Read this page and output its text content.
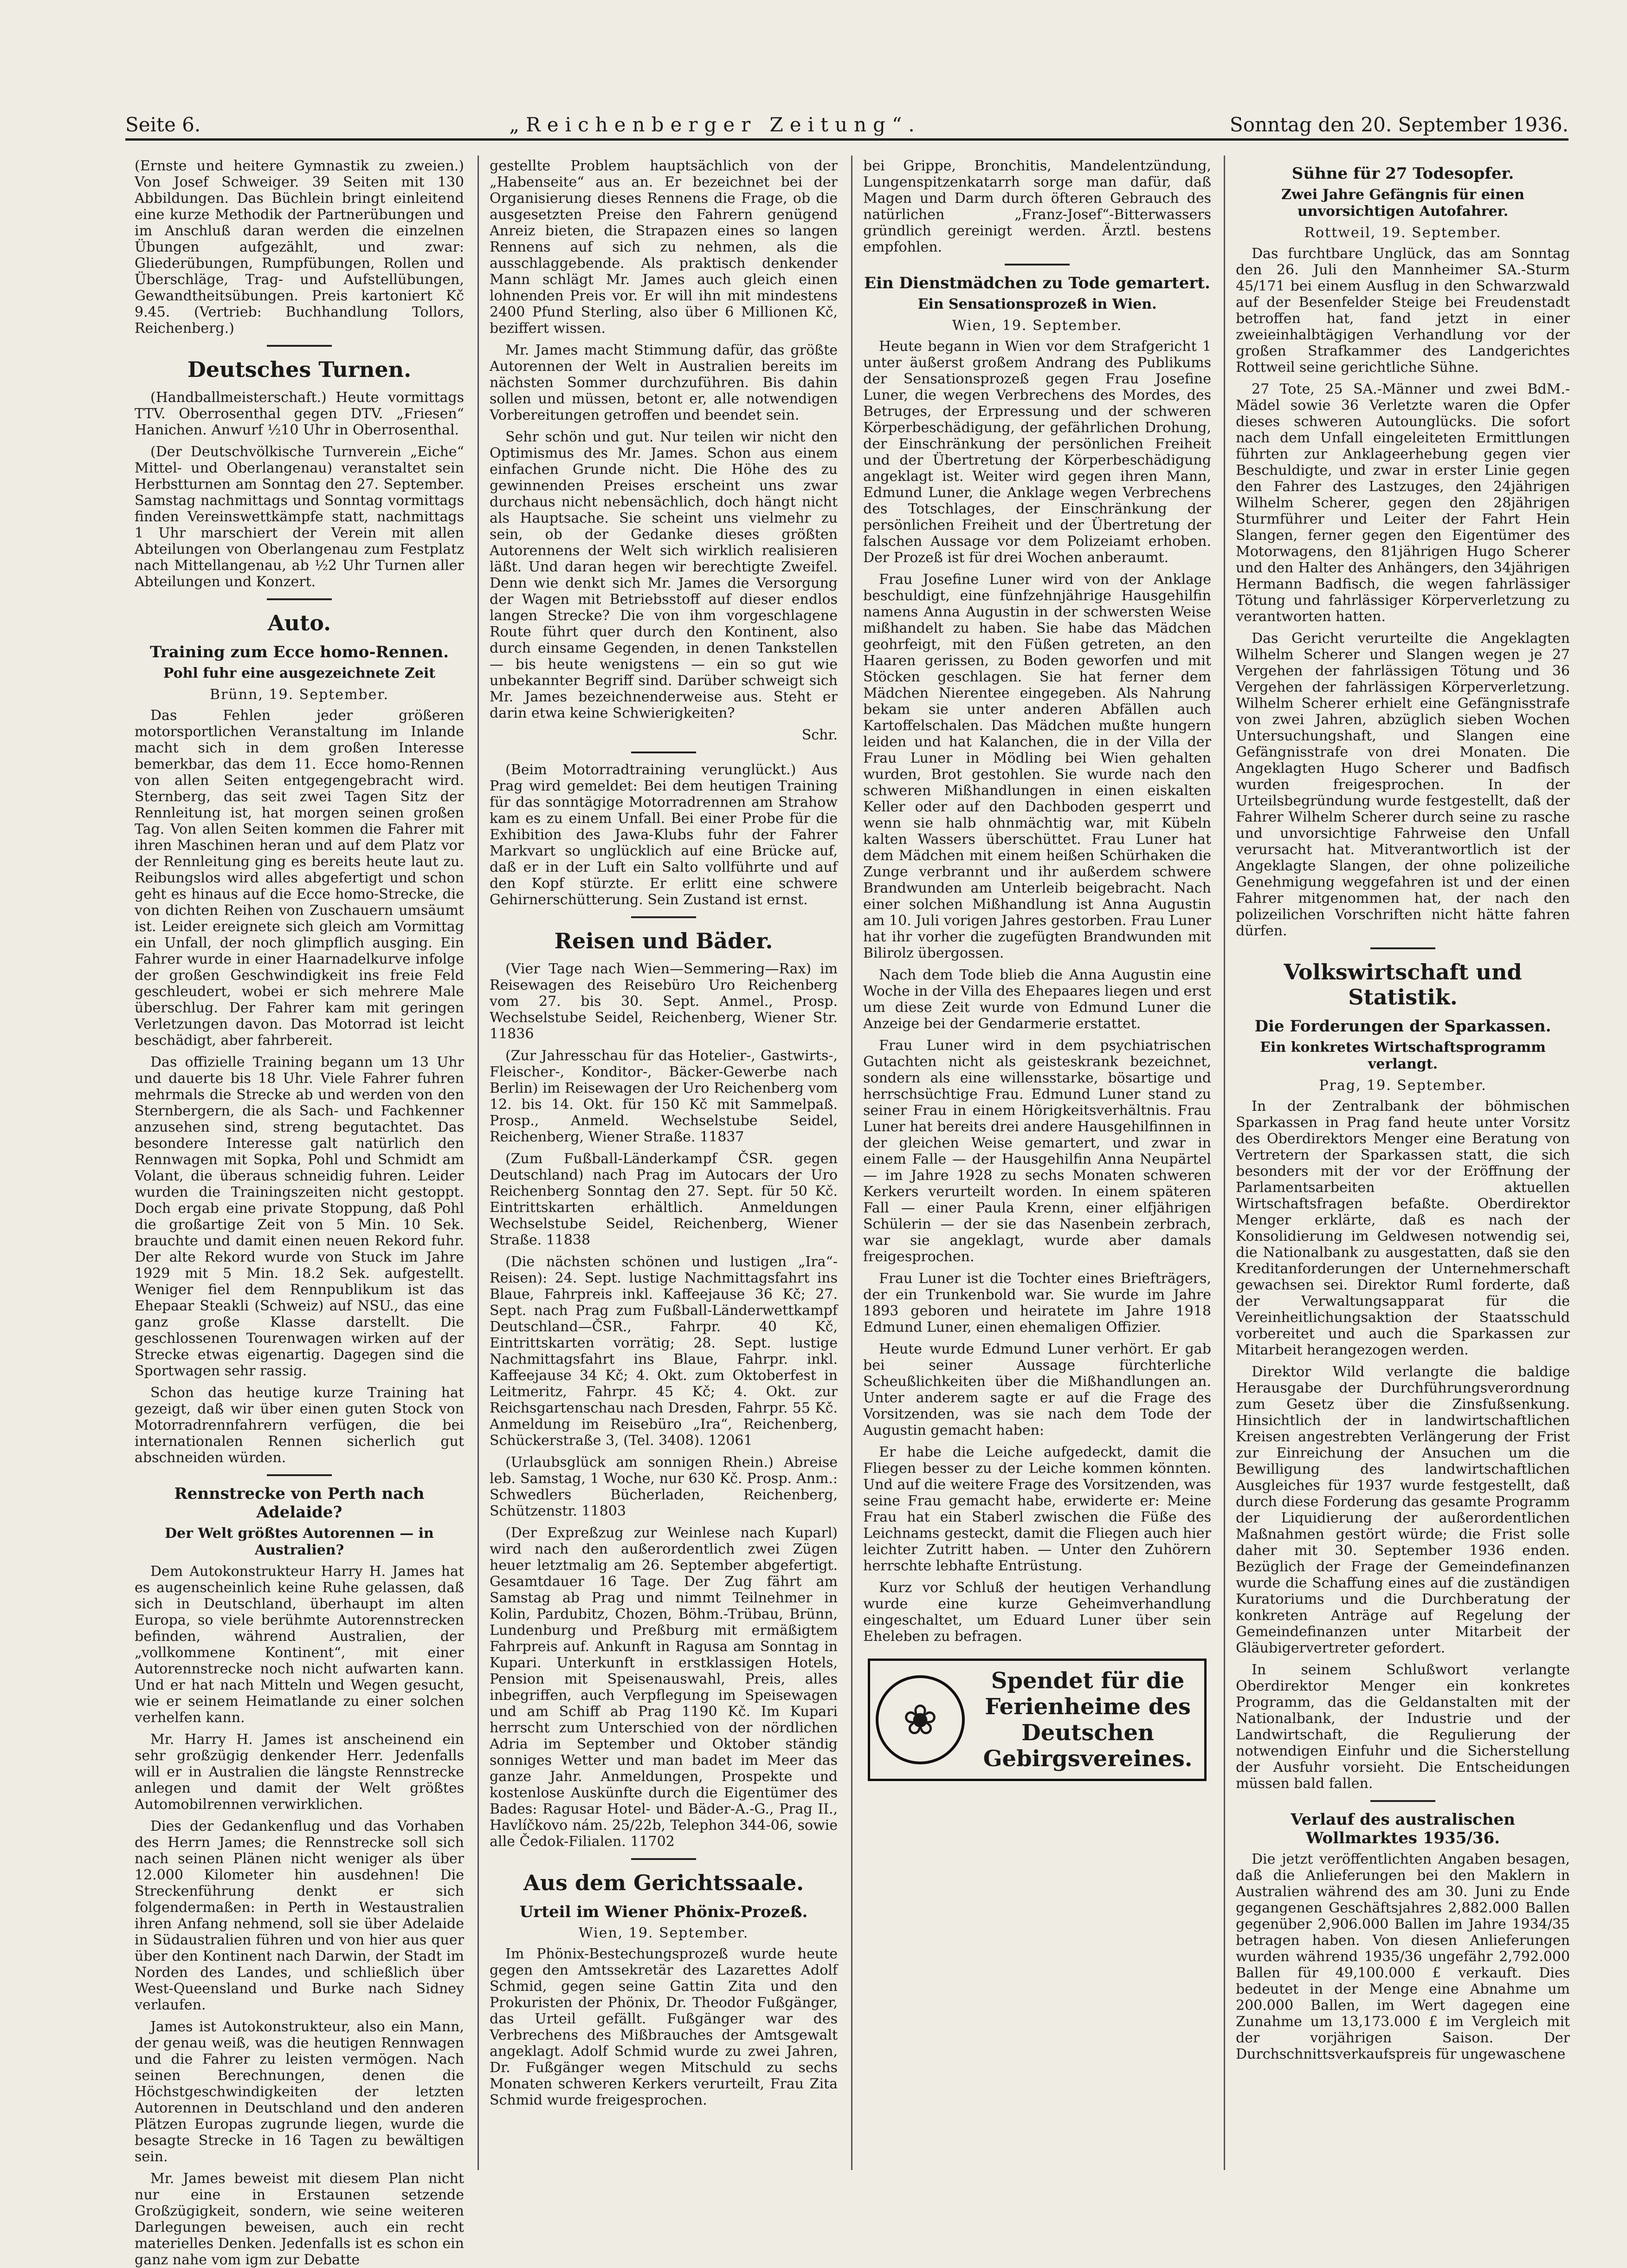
Seite 6.	„Reichenberger Zeitung“.	Sonntag den 20. September 1936.

(Ernste und heitere Gymnastik zu zweien.) Von Josef Schweiger. 39 Seiten mit 130 Abbildungen. Das Büchlein bringt einleitend eine kurze Methodik der Partnerübungen und im Anschluß daran werden die einzelnen Übungen aufgezählt, und zwar: Gliederübungen, Rumpfübungen, Rollen und Überschläge, Trag- und Aufstellübungen, Gewandtheitsübungen. Preis kartoniert Kč 9.45. (Vertrieb: Buchhandlung Tollors, Reichenberg.)

Deutsches Turnen.

(Handballmeisterschaft.) Heute vormittags TTV. Oberrosenthal gegen DTV. „Friesen“ Hanichen. Anwurf ½10 Uhr in Oberrosenthal.

(Der Deutschvölkische Turnverein „Eiche“ Mittel- und Oberlangenau) veranstaltet sein Herbstturnen am Sonntag den 27. September. Samstag nachmittags und Sonntag vormittags finden Vereinswettkämpfe statt, nachmittags 1 Uhr marschiert der Verein mit allen Abteilungen von Oberlangenau zum Festplatz nach Mittellangenau, ab ½2 Uhr Turnen aller Abteilungen und Konzert.

Auto.
Training zum Ecce homo-Rennen.
Pohl fuhr eine ausgezeichnete Zeit
Brünn, 19. September.

Das Fehlen jeder größeren motorsportlichen Veranstaltung im Inlande macht sich in dem großen Interesse bemerkbar, das dem 11. Ecce homo-Rennen von allen Seiten entgegengebracht wird. Sternberg, das seit zwei Tagen Sitz der Rennleitung ist, hat morgen seinen großen Tag. Von allen Seiten kommen die Fahrer mit ihren Maschinen heran und auf dem Platz vor der Rennleitung ging es bereits heute laut zu. Reibungslos wird alles abgefertigt und schon geht es hinaus auf die Ecce homo-Strecke, die von dichten Reihen von Zuschauern umsäumt ist. Leider ereignete sich gleich am Vormittag ein Unfall, der noch glimpflich ausging. Ein Fahrer wurde in einer Haarnadelkurve infolge der großen Geschwindigkeit ins freie Feld geschleudert, wobei er sich mehrere Male überschlug. Der Fahrer kam mit geringen Verletzungen davon. Das Motorrad ist leicht beschädigt, aber fahrbereit.

Das offizielle Training begann um 13 Uhr und dauerte bis 18 Uhr. Viele Fahrer fuhren mehrmals die Strecke ab und werden von den Sternbergern, die als Sach- und Fachkenner anzusehen sind, streng begutachtet. Das besondere Interesse galt natürlich den Rennwagen mit Sopka, Pohl und Schmidt am Volant, die überaus schneidig fuhren. Leider wurden die Trainingszeiten nicht gestoppt. Doch ergab eine private Stoppung, daß Pohl die großartige Zeit von 5 Min. 10 Sek. brauchte und damit einen neuen Rekord fuhr. Der alte Rekord wurde von Stuck im Jahre 1929 mit 5 Min. 18.2 Sek. aufgestellt. Weniger fiel dem Rennpublikum ist das Ehepaar Steakli (Schweiz) auf NSU., das eine ganz große Klasse darstellt. Die geschlossenen Tourenwagen wirken auf der Strecke etwas eigenartig. Dagegen sind die Sportwagen sehr rassig.

Schon das heutige kurze Training hat gezeigt, daß wir über einen guten Stock von Motorradrennfahrern verfügen, die bei internationalen Rennen sicherlich gut abschneiden würden.

Rennstrecke von Perth nach Adelaide?
Der Welt größtes Autorennen — in Australien?

Dem Autokonstrukteur Harry H. James hat es augenscheinlich keine Ruhe gelassen, daß sich in Deutschland, überhaupt im alten Europa, so viele berühmte Autorennstrecken befinden, während Australien, der „vollkommene Kontinent“, mit einer Autorennstrecke noch nicht aufwarten kann. Und er hat nach Mitteln und Wegen gesucht, wie er seinem Heimatlande zu einer solchen verhelfen kann.

Mr. Harry H. James ist anscheinend ein sehr großzügig denkender Herr. Jedenfalls will er in Australien die längste Rennstrecke anlegen und damit der Welt größtes Automobilrennen verwirklichen.

Dies der Gedankenflug und das Vorhaben des Herrn James; die Rennstrecke soll sich nach seinen Plänen nicht weniger als über 12.000 Kilometer hin ausdehnen! Die Streckenführung denkt er sich folgendermaßen: in Perth in Westaustralien ihren Anfang nehmend, soll sie über Adelaide in Südaustralien führen und von hier aus quer über den Kontinent nach Darwin, der Stadt im Norden des Landes, und schließlich über West-Queensland und Burke nach Sidney verlaufen.

James ist Autokonstrukteur, also ein Mann, der genau weiß, was die heutigen Rennwagen und die Fahrer zu leisten vermögen. Nach seinen Berechnungen, denen die Höchstgeschwindigkeiten der letzten Autorennen in Deutschland und den anderen Plätzen Europas zugrunde liegen, wurde die besagte Strecke in 16 Tagen zu bewältigen sein.

Mr. James beweist mit diesem Plan nicht nur eine in Erstaunen setzende Großzügigkeit, sondern, wie seine weiteren Darlegungen beweisen, auch ein recht materielles Denken. Jedenfalls ist es schon ein ganz nahe vom igm zur Debatte

gestellte Problem hauptsächlich von der „Habenseite“ aus an. Er bezeichnet bei der Organisierung dieses Rennens die Frage, ob die ausgesetzten Preise den Fahrern genügend Anreiz bieten, die Strapazen eines so langen Rennens auf sich zu nehmen, als die ausschlaggebende. Als praktisch denkender Mann schlägt Mr. James auch gleich einen lohnenden Preis vor. Er will ihn mit mindestens 2400 Pfund Sterling, also über 6 Millionen Kč, beziffert wissen.

Mr. James macht Stimmung dafür, das größte Autorennen der Welt in Australien bereits im nächsten Sommer durchzuführen. Bis dahin sollen und müssen, betont er, alle notwendigen Vorbereitungen getroffen und beendet sein.

Sehr schön und gut. Nur teilen wir nicht den Optimismus des Mr. James. Schon aus einem einfachen Grunde nicht. Die Höhe des zu gewinnenden Preises erscheint uns zwar durchaus nicht nebensächlich, doch hängt nicht als Hauptsache. Sie scheint uns vielmehr zu sein, ob der Gedanke dieses größten Autorennens der Welt sich wirklich realisieren läßt. Und daran hegen wir berechtigte Zweifel. Denn wie denkt sich Mr. James die Versorgung der Wagen mit Betriebsstoff auf dieser endlos langen Strecke? Die von ihm vorgeschlagene Route führt quer durch den Kontinent, also durch einsame Gegenden, in denen Tankstellen — bis heute wenigstens — ein so gut wie unbekannter Begriff sind. Darüber schweigt sich Mr. James bezeichnenderweise aus. Steht er darin etwa keine Schwierigkeiten?

Schr.

(Beim Motorradtraining verunglückt.) Aus Prag wird gemeldet: Bei dem heutigen Training für das sonntägige Motorradrennen am Strahow kam es zu einem Unfall. Bei einer Probe für die Exhibition des Jawa-Klubs fuhr der Fahrer Markvart so unglücklich auf eine Brücke auf, daß er in der Luft ein Salto vollführte und auf den Kopf stürzte. Er erlitt eine schwere Gehirnerschütterung. Sein Zustand ist ernst.

Reisen und Bäder.

(Vier Tage nach Wien—Semmering—Rax) im Reisewagen des Reisebüro Uro Reichenberg vom 27. bis 30. Sept. Anmel., Prosp. Wechselstube Seidel, Reichenberg, Wiener Str. 11836

(Zur Jahresschau für das Hotelier-, Gastwirts-, Fleischer-, Konditor-, Bäcker-Gewerbe nach Berlin) im Reisewagen der Uro Reichenberg vom 12. bis 14. Okt. für 150 Kč mit Sammelpaß. Prosp., Anmeld. Wechselstube Seidel, Reichenberg, Wiener Straße. 11837

(Zum Fußball-Länderkampf ČSR. gegen Deutschland) nach Prag im Autocars der Uro Reichenberg Sonntag den 27. Sept. für 50 Kč. Eintrittskarten erhältlich. Anmeldungen Wechselstube Seidel, Reichenberg, Wiener Straße. 11838

(Die nächsten schönen und lustigen „Ira“-Reisen): 24. Sept. lustige Nachmittagsfahrt ins Blaue, Fahrpreis inkl. Kaffeejause 36 Kč; 27. Sept. nach Prag zum Fußball-Länderwettkampf Deutschland—ČSR., Fahrpr. 40 Kč, Eintrittskarten vorrätig; 28. Sept. lustige Nachmittagsfahrt ins Blaue, Fahrpr. inkl. Kaffeejause 34 Kč; 4. Okt. zum Oktoberfest in Leitmeritz, Fahrpr. 45 Kč; 4. Okt. zur Reichsgartenschau nach Dresden, Fahrpr. 55 Kč. Anmeldung im Reisebüro „Ira“, Reichenberg, Schückerstraße 3, (Tel. 3408). 12061

(Urlaubsglück am sonnigen Rhein.) Abreise leb. Samstag, 1 Woche, nur 630 Kč. Prosp. Anm.: Schwedlers Bücherladen, Reichenberg, Schützenstr. 11803

(Der Expreßzug zur Weinlese nach Kuparl) wird nach den außerordentlich zwei Zügen heuer letztmalig am 26. September abgefertigt. Gesamtdauer 16 Tage. Der Zug fährt am Samstag ab Prag und nimmt Teilnehmer in Kolin, Pardubitz, Chozen, Böhm.-Trübau, Brünn, Lundenburg und Preßburg mit ermäßigtem Fahrpreis auf. Ankunft in Ragusa am Sonntag in Kupari. Unterkunft in erstklassigen Hotels, Pension mit Speisenauswahl, Preis, alles inbegriffen, auch Verpflegung im Speisewagen und am Schiff ab Prag 1190 Kč. Im Kupari herrscht zum Unterschied von der nördlichen Adria im September und Oktober ständig sonniges Wetter und man badet im Meer das ganze Jahr. Anmeldungen, Prospekte und kostenlose Auskünfte durch die Eigentümer des Bades: Ragusar Hotel- und Bäder-A.-G., Prag II., Havlíčkovo nám. 25/22b, Telephon 344-06, sowie alle Čedok-Filialen. 11702

Aus dem Gerichtssaale.
Urteil im Wiener Phönix-Prozeß.
Wien, 19. September.

Im Phönix-Bestechungsprozeß wurde heute gegen den Amtssekretär des Lazarettes Adolf Schmid, gegen seine Gattin Zita und den Prokuristen der Phönix, Dr. Theodor Fußgänger, das Urteil gefällt. Fußgänger war des Verbrechens des Mißbrauches der Amtsgewalt angeklagt. Adolf Schmid wurde zu zwei Jahren, Dr. Fußgänger wegen Mitschuld zu sechs Monaten schweren Kerkers verurteilt, Frau Zita Schmid wurde freigesprochen.

bei Grippe, Bronchitis, Mandelentzündung, Lungenspitzenkatarrh sorge man dafür, daß Magen und Darm durch öfteren Gebrauch des natürlichen „Franz-Josef“-Bitterwassers gründlich gereinigt werden. Ärztl. bestens empfohlen.

Ein Dienstmädchen zu Tode gemartert.
Ein Sensationsprozeß in Wien.
Wien, 19. September.

Heute begann in Wien vor dem Strafgericht 1 unter äußerst großem Andrang des Publikums der Sensationsprozeß gegen Frau Josefine Luner, die wegen Verbrechens des Mordes, des Betruges, der Erpressung und der schweren Körperbeschädigung, der gefährlichen Drohung, der Einschränkung der persönlichen Freiheit und der Übertretung der Körperbeschädigung angeklagt ist. Weiter wird gegen ihren Mann, Edmund Luner, die Anklage wegen Verbrechens des Totschlages, der Einschränkung der persönlichen Freiheit und der Übertretung der falschen Aussage vor dem Polizeiamt erhoben. Der Prozeß ist für drei Wochen anberaumt.

Frau Josefine Luner wird von der Anklage beschuldigt, eine fünfzehnjährige Hausgehilfin namens Anna Augustin in der schwersten Weise mißhandelt zu haben. Sie habe das Mädchen geohrfeigt, mit den Füßen getreten, an den Haaren gerissen, zu Boden geworfen und mit Stöcken geschlagen. Sie hat ferner dem Mädchen Nierentee eingegeben. Als Nahrung bekam sie unter anderen Abfällen auch Kartoffelschalen. Das Mädchen mußte hungern leiden und hat Kalanchen, die in der Villa der Frau Luner in Mödling bei Wien gehalten wurden, Brot gestohlen. Sie wurde nach den schweren Mißhandlungen in einen eiskalten Keller oder auf den Dachboden gesperrt und wenn sie halb ohnmächtig war, mit Kübeln kalten Wassers überschüttet. Frau Luner hat dem Mädchen mit einem heißen Schürhaken die Zunge verbrannt und ihr außerdem schwere Brandwunden am Unterleib beigebracht. Nach einer solchen Mißhandlung ist Anna Augustin am 10. Juli vorigen Jahres gestorben. Frau Luner hat ihr vorher die zugefügten Brandwunden mit Bilirolz übergossen.

Nach dem Tode blieb die Anna Augustin eine Woche in der Villa des Ehepaares liegen und erst um diese Zeit wurde von Edmund Luner die Anzeige bei der Gendarmerie erstattet.

Frau Luner wird in dem psychiatrischen Gutachten nicht als geisteskrank bezeichnet, sondern als eine willensstarke, bösartige und herrschsüchtige Frau. Edmund Luner stand zu seiner Frau in einem Hörigkeitsverhältnis. Frau Luner hat bereits drei andere Hausgehilfinnen in der gleichen Weise gemartert, und zwar in einem Falle — der Hausgehilfin Anna Neupärtel — im Jahre 1928 zu sechs Monaten schweren Kerkers verurteilt worden. In einem späteren Fall — einer Paula Krenn, einer elfjährigen Schülerin — der sie das Nasenbein zerbrach, war sie angeklagt, wurde aber damals freigesprochen.

Frau Luner ist die Tochter eines Briefträgers, der ein Trunkenbold war. Sie wurde im Jahre 1893 geboren und heiratete im Jahre 1918 Edmund Luner, einen ehemaligen Offizier.

Heute wurde Edmund Luner verhört. Er gab bei seiner Aussage fürchterliche Scheußlichkeiten über die Mißhandlungen an. Unter anderem sagte er auf die Frage des Vorsitzenden, was sie nach dem Tode der Augustin gemacht haben:

Er habe die Leiche aufgedeckt, damit die Fliegen besser zu der Leiche kommen könnten. Und auf die weitere Frage des Vorsitzenden, was seine Frau gemacht habe, erwiderte er: Meine Frau hat ein Staberl zwischen die Füße des Leichnams gesteckt, damit die Fliegen auch hier leichter Zutritt haben. — Unter den Zuhörern herrschte lebhafte Entrüstung.

Kurz vor Schluß der heutigen Verhandlung wurde eine kurze Geheimverhandlung eingeschaltet, um Eduard Luner über sein Eheleben zu befragen.

❀
Spendet für die Ferienheime des Deutschen Gebirgsvereines.
Sühne für 27 Todesopfer.
Zwei Jahre Gefängnis für einen unvorsichtigen Autofahrer.
Rottweil, 19. September.

Das furchtbare Unglück, das am Sonntag den 26. Juli den Mannheimer SA.-Sturm 45/171 bei einem Ausflug in den Schwarzwald auf der Besenfelder Steige bei Freudenstadt betroffen hat, fand jetzt in einer zweieinhalbtägigen Verhandlung vor der großen Strafkammer des Landgerichtes Rottweil seine gerichtliche Sühne.

27 Tote, 25 SA.-Männer und zwei BdM.-Mädel sowie 36 Verletzte waren die Opfer dieses schweren Autounglücks. Die sofort nach dem Unfall eingeleiteten Ermittlungen führten zur Anklageerhebung gegen vier Beschuldigte, und zwar in erster Linie gegen den Fahrer des Lastzuges, den 24jährigen Wilhelm Scherer, gegen den 28jährigen Sturmführer und Leiter der Fahrt Hein Slangen, ferner gegen den Eigentümer des Motorwagens, den 81jährigen Hugo Scherer und den Halter des Anhängers, den 34jährigen Hermann Badfisch, die wegen fahrlässiger Tötung und fahrlässiger Körperverletzung zu verantworten hatten.

Das Gericht verurteilte die Angeklagten Wilhelm Scherer und Slangen wegen je 27 Vergehen der fahrlässigen Tötung und 36 Vergehen der fahrlässigen Körperverletzung. Wilhelm Scherer erhielt eine Gefängnisstrafe von zwei Jahren, abzüglich sieben Wochen Untersuchungshaft, und Slangen eine Gefängnisstrafe von drei Monaten. Die Angeklagten Hugo Scherer und Badfisch wurden freigesprochen. In der Urteilsbegründung wurde festgestellt, daß der Fahrer Wilhelm Scherer durch seine zu rasche und unvorsichtige Fahrweise den Unfall verursacht hat. Mitverantwortlich ist der Angeklagte Slangen, der ohne polizeiliche Genehmigung weggefahren ist und der einen Fahrer mitgenommen hat, der nach den polizeilichen Vorschriften nicht hätte fahren dürfen.

Volkswirtschaft und Statistik.
Die Forderungen der Sparkassen.
Ein konkretes Wirtschaftsprogramm verlangt.
Prag, 19. September.

In der Zentralbank der böhmischen Sparkassen in Prag fand heute unter Vorsitz des Oberdirektors Menger eine Beratung von Vertretern der Sparkassen statt, die sich besonders mit der vor der Eröffnung der Parlamentsarbeiten aktuellen Wirtschaftsfragen befaßte. Oberdirektor Menger erklärte, daß es nach der Konsolidierung im Geldwesen notwendig sei, die Nationalbank zu ausgestatten, daß sie den Kreditanforderungen der Unternehmerschaft gewachsen sei. Direktor Ruml forderte, daß der Verwaltungsapparat für die Vereinheitlichungsaktion der Staatsschuld vorbereitet und auch die Sparkassen zur Mitarbeit herangezogen werden.

Direktor Wild verlangte die baldige Herausgabe der Durchführungsverordnung zum Gesetz über die Zinsfußsenkung. Hinsichtlich der in landwirtschaftlichen Kreisen angestrebten Verlängerung der Frist zur Einreichung der Ansuchen um die Bewilligung des landwirtschaftlichen Ausgleiches für 1937 wurde festgestellt, daß durch diese Forderung das gesamte Programm der Liquidierung der außerordentlichen Maßnahmen gestört würde; die Frist solle daher mit 30. September 1936 enden. Bezüglich der Frage der Gemeindefinanzen wurde die Schaffung eines auf die zuständigen Kuratoriums und die Durchberatung der konkreten Anträge auf Regelung der Gemeindefinanzen unter Mitarbeit der Gläubigervertreter gefordert.

In seinem Schlußwort verlangte Oberdirektor Menger ein konkretes Programm, das die Geldanstalten mit der Nationalbank, der Industrie und der Landwirtschaft, die Regulierung der notwendigen Einfuhr und die Sicherstellung der Ausfuhr vorsieht. Die Entscheidungen müssen bald fallen.

Verlauf des australischen Wollmarktes 1935/36.

Die jetzt veröffentlichten Angaben besagen, daß die Anlieferungen bei den Maklern in Australien während des am 30. Juni zu Ende gegangenen Geschäftsjahres 2,882.000 Ballen gegenüber 2,906.000 Ballen im Jahre 1934/35 betragen haben. Von diesen Anlieferungen wurden während 1935/36 ungefähr 2,792.000 Ballen für 49,100.000 £ verkauft. Dies bedeutet in der Menge eine Abnahme um 200.000 Ballen, im Wert dagegen eine Zunahme um 13,173.000 £ im Vergleich mit der vorjährigen Saison. Der Durchschnittsverkaufspreis für ungewaschene
